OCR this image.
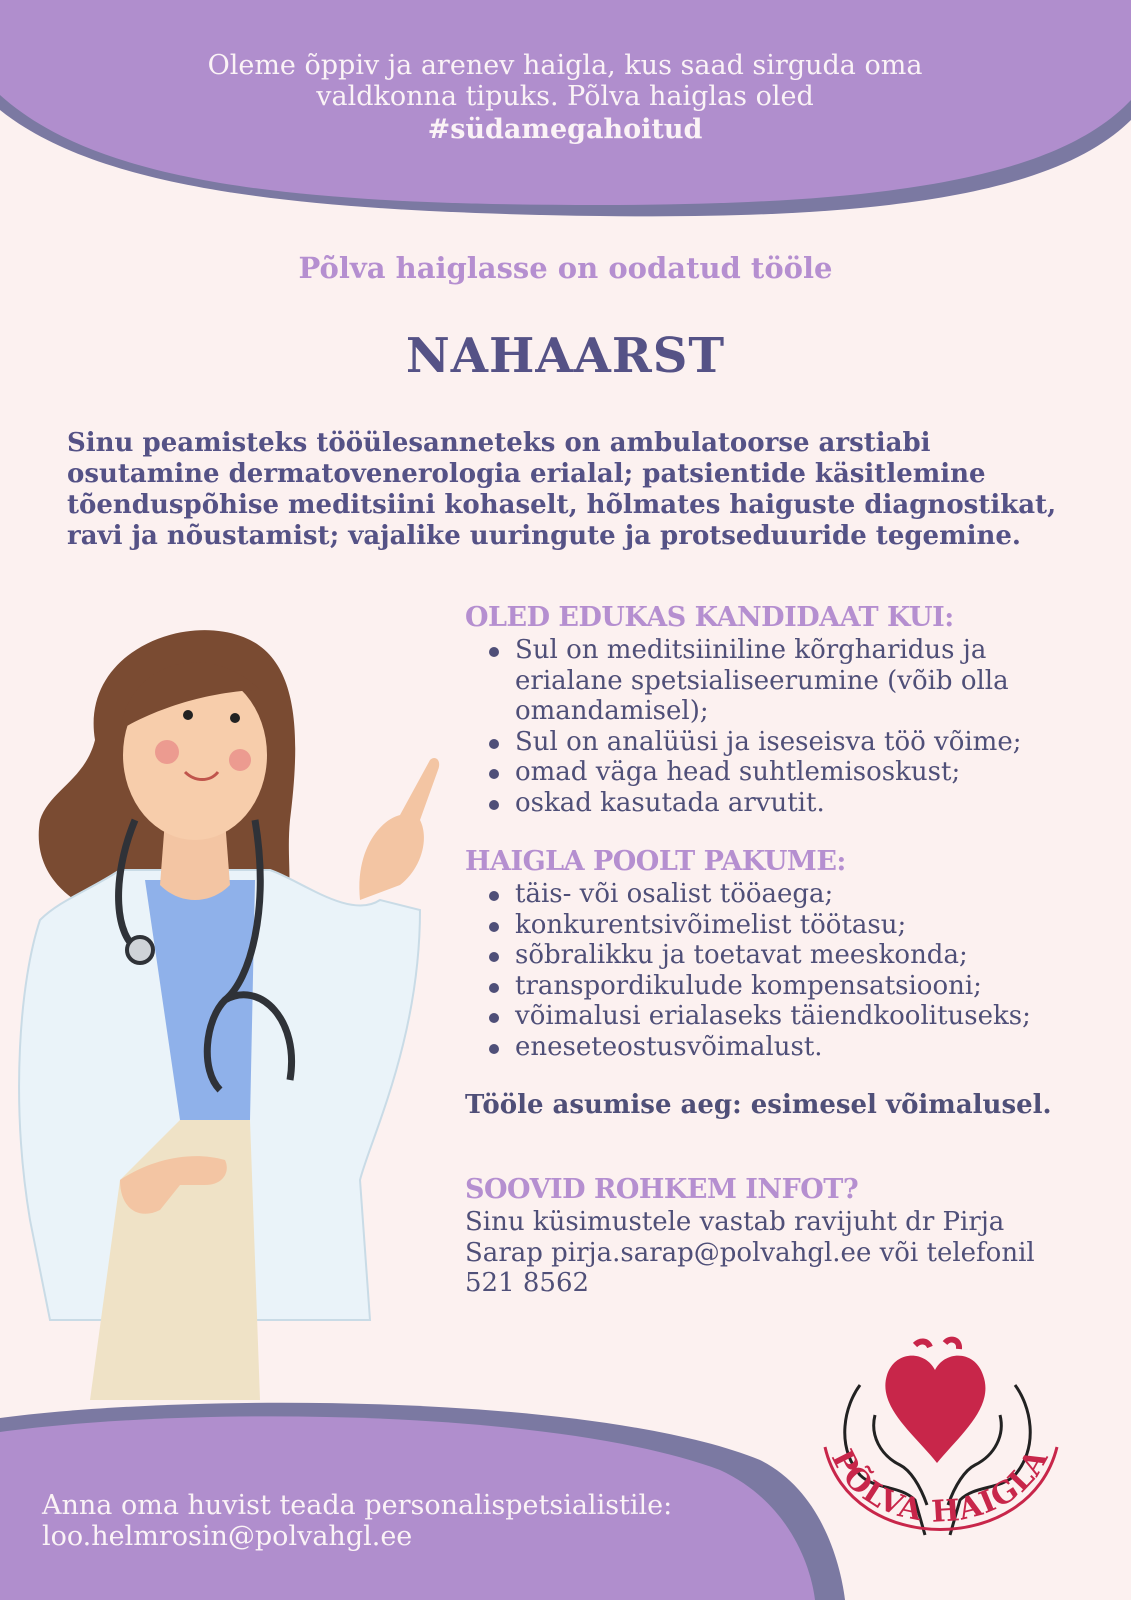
Oleme õppiv ja arenev haigla, kus saad sirguda oma valdkonna tipuks. Põlva haiglas oled
#südamegahoitud
Põlva haiglasse on oodatud tööle
NAHAARST
Sinu peamisteks tööülesanneteks on ambulatoorse arstiabi osutamine dermatovenerologia erialal; patsientide käsitlemine tõenduspõhise meditsiini kohaselt, hõlmates haiguste diagnostikat, ravi ja nõustamist; vajalike uuringute ja protseduuride tegemine.
OLED EDUKAS KANDIDAAT KUI:
Sul on meditsiiniline kõrgharidus ja erialane spetsialiseerumine (võib olla omandamisel);
Sul on analüüsi ja iseseisva töö võime;
omad väga head suhtlemisoskust;
oskad kasutada arvutit.
HAIGLA POOLT PAKUME:
täis- või osalist tööaega;
konkurentsivõimelist töötasu;
sõbralikku ja toetavat meeskonda;
transpordikulude kompensatsiooni;
võimalusi erialaseks täiendkoolituseks;
eneseteostusvõimalust.
Tööle asumise aeg: esimesel võimalusel.
SOOVID ROHKEM INFOT?
Sinu küsimustele vastab ravijuht dr Pirja Sarap pirja.sarap@polvahgl.ee või telefonil 521 8562
Anna oma huvist teada personalispetsialistile:
loo.helmrosin@polvahgl.ee
PÕLVA HAIGLA
